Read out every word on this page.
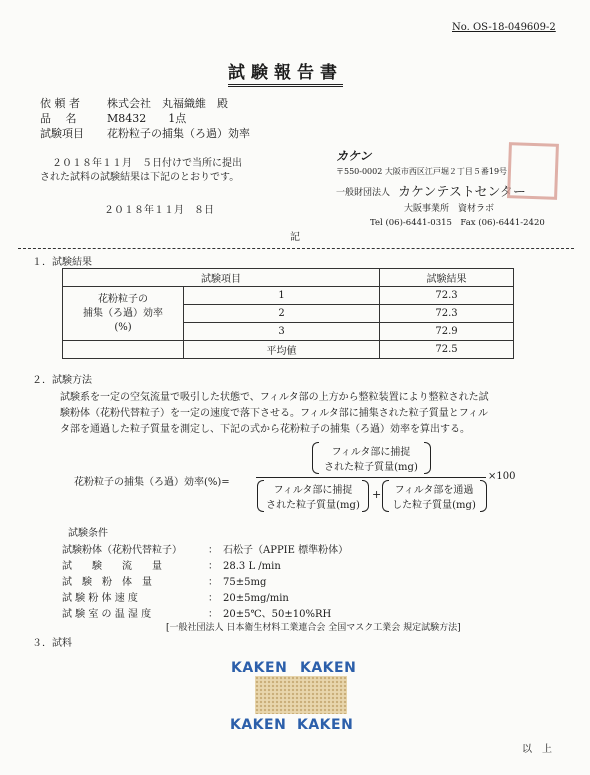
No. OS-18-049609-2
試験報告書
依 頼 者 株式会社　丸福織維　殿
品　 名	M8432　　1点
試験項目 花粉粒子の捕集（ろ過）効率
２０１８年１１月　５日付けで当所に提出
された試料の試験結果は下記のとおりです。
２０１８年１１月　８日
カケン
〒550-0002 大阪市西区江戸堀２丁目５番19号
一般財団法人 カケンテストセンター
大阪事業所　資材ラボ
Tel (06)-6441-0315　Fax (06)-6441-2420
記
１．試験結果
試験項目		試験結果

花粉粒子の
捕集（ろ過）効率
(%)	1	72.3
	2	72.3
	3	72.9
	平均値	72.5
２．試験方法
試験系を一定の空気流量で吸引した状態で、フィルタ部の上方から整粒装置により整粒された試
験粉体（花粉代替粒子）を一定の速度で落下させる。フィルタ部に捕集された粒子質量とフィル
タ部を通過した粒子質量を測定し、下記の式から花粉粒子の捕集（ろ過）効率を算出する。
花粉粒子の捕集（ろ過）効率(%)=
フィルタ部に捕捉
された粒子質量(mg)
フィルタ部に捕捉
された粒子質量(mg)
+	フィルタ部を通過
した粒子質量(mg)
×100
試験条件
試験粉体（花粉代替粒子）	：　石松子（APPIE 標準粉体）
試　　験　　流　　量	：　28.3 L /min
試　験　粉　体　量	：　75±5mg
試 験 粉 体 速 度	：　20±5mg/min
試 験 室 の 温 湿 度	：　20±5℃、50±10%RH
[一般社団法人 日本衛生材料工業連合会 全国マスク工業会 規定試験方法]
３．試料
KAKEN KAKEN
KAKEN KAKEN
以　上
